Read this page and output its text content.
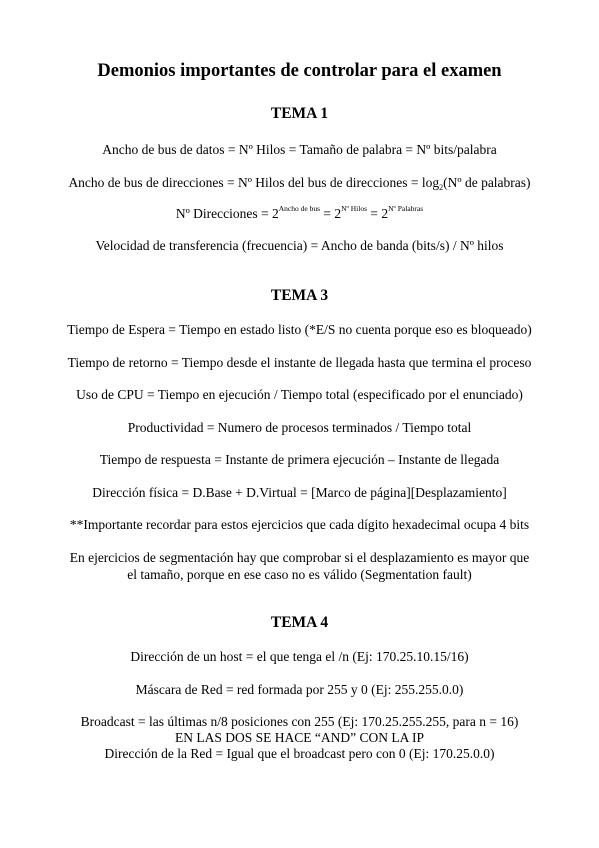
Demonios importantes de controlar para el examen
TEMA 1

Ancho de bus de datos = Nº Hilos = Tamaño de palabra = Nº bits/palabra

Ancho de bus de direcciones = Nº Hilos del bus de direcciones = $\log_2(Nº$ de palabras)

Nº Direcciones = $2^{Ancho de bus} = 2^{Nº Hilos} = 2^{Nº Palabras}$

Velocidad de transferencia (frecuencia) = Ancho de banda (bits/s) / Nº hilos

TEMA 3

Tiempo de Espera = Tiempo en estado listo (*E/S no cuenta porque eso es bloqueado)

Tiempo de retorno = Tiempo desde el instante de llegada hasta que termina el proceso

Uso de CPU = Tiempo en ejecución / Tiempo total (especificado por el enunciado)

Productividad = Numero de procesos terminados / Tiempo total

Tiempo de respuesta = Instante de primera ejecución – Instante de llegada

Dirección física = D.Base + D.Virtual = [Marco de página][Desplazamiento]

**Importante recordar para estos ejercicios que cada dígito hexadecimal ocupa 4 bits

En ejercicios de segmentación hay que comprobar si el desplazamiento es mayor que

el tamaño, porque en ese caso no es válido (Segmentation fault)

TEMA 4

Dirección de un host = el que tenga el /n (Ej: 170.25.10.15/16)

Máscara de Red = red formada por 255 y 0 (Ej: 255.255.0.0)

Broadcast = las últimas n/8 posiciones con 255 (Ej: 170.25.255.255, para n = 16)

EN LAS DOS SE HACE “AND” CON LA IP

Dirección de la Red = Igual que el broadcast pero con 0 (Ej: 170.25.0.0)
